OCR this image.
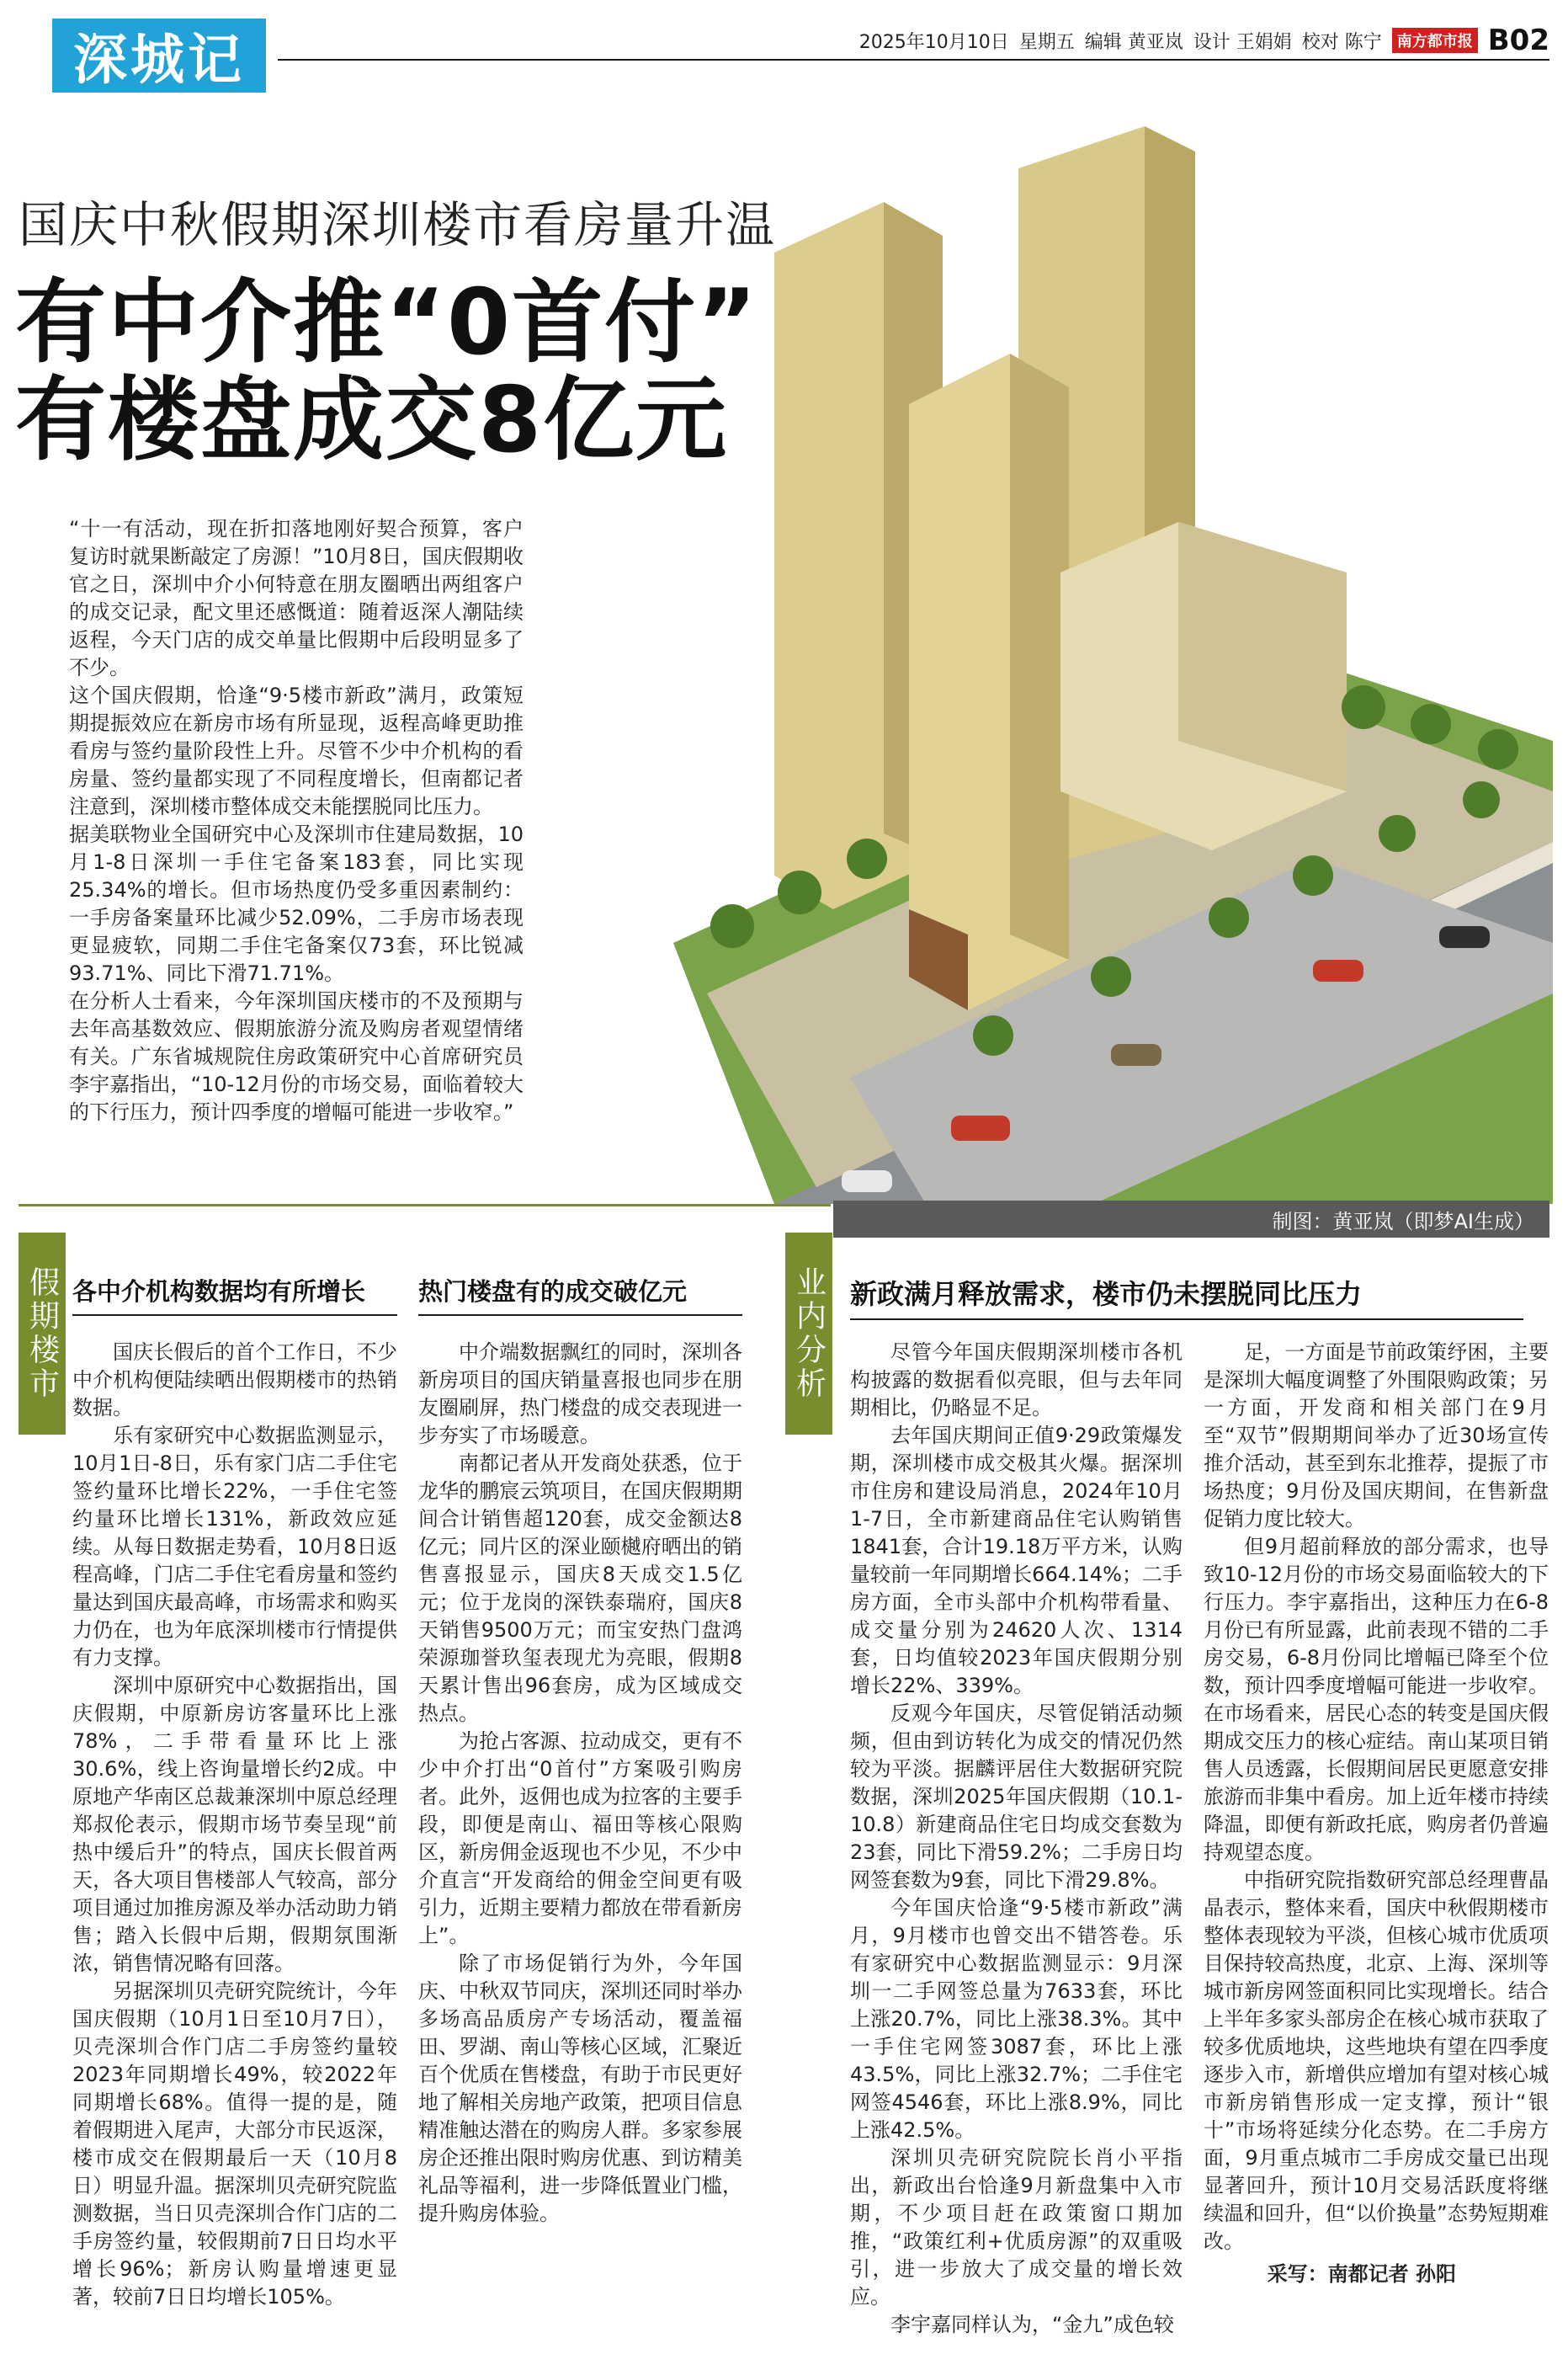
深城记	2025年10月10日 星期五 编辑 黄亚岚 设计 王娟娟 校对 陈宁	南方都市报 B02
国庆中秋假期深圳楼市看房量升温
有中介推“0首付”
有楼盘成交8亿元
制图：黄亚岚（即梦AI生成）

“十一有活动，现在折扣落地刚好契合预算，客户复访时就果断敲定了房源！”10月8日，国庆假期收官之日，深圳中介小何特意在朋友圈晒出两组客户的成交记录，配文里还感慨道：随着返深人潮陆续返程，今天门店的成交单量比假期中后段明显多了不少。

这个国庆假期，恰逢“9·5楼市新政”满月，政策短期提振效应在新房市场有所显现，返程高峰更助推看房与签约量阶段性上升。尽管不少中介机构的看房量、签约量都实现了不同程度增长，但南都记者注意到，深圳楼市整体成交未能摆脱同比压力。

据美联物业全国研究中心及深圳市住建局数据，10月1-8日深圳一手住宅备案183套，同比实现25.34%的增长。但市场热度仍受多重因素制约：一手房备案量环比减少52.09%，二手房市场表现更显疲软，同期二手住宅备案仅73套，环比锐减93.71%、同比下滑71.71%。

在分析人士看来，今年深圳国庆楼市的不及预期与去年高基数效应、假期旅游分流及购房者观望情绪有关。广东省城规院住房政策研究中心首席研究员李宇嘉指出，“10-12月份的市场交易，面临着较大的下行压力，预计四季度的增幅可能进一步收窄。”

假期楼市	业内分析
各中介机构数据均有所增长	热门楼盘有的成交破亿元	新政满月释放需求，楼市仍未摆脱同比压力

国庆长假后的首个工作日，不少中介机构便陆续晒出假期楼市的热销数据。

乐有家研究中心数据监测显示，10月1日-8日，乐有家门店二手住宅签约量环比增长22%，一手住宅签约量环比增长131%，新政效应延续。从每日数据走势看，10月8日返程高峰，门店二手住宅看房量和签约量达到国庆最高峰，市场需求和购买力仍在，也为年底深圳楼市行情提供有力支撑。

深圳中原研究中心数据指出，国庆假期，中原新房访客量环比上涨78%，二手带看量环比上涨30.6%，线上咨询量增长约2成。中原地产华南区总裁兼深圳中原总经理郑叔伦表示，假期市场节奏呈现“前热中缓后升”的特点，国庆长假首两天，各大项目售楼部人气较高，部分项目通过加推房源及举办活动助力销售；踏入长假中后期，假期氛围渐浓，销售情况略有回落。

另据深圳贝壳研究院统计，今年国庆假期（10月1日至10月7日），贝壳深圳合作门店二手房签约量较2023年同期增长49%，较2022年同期增长68%。值得一提的是，随着假期进入尾声，大部分市民返深，楼市成交在假期最后一天（10月8日）明显升温。据深圳贝壳研究院监测数据，当日贝壳深圳合作门店的二手房签约量，较假期前7日日均水平增长96%；新房认购量增速更显著，较前7日日均增长105%。

中介端数据飘红的同时，深圳各新房项目的国庆销量喜报也同步在朋友圈刷屏，热门楼盘的成交表现进一步夯实了市场暖意。

南都记者从开发商处获悉，位于龙华的鹏宸云筑项目，在国庆假期期间合计销售超120套，成交金额达8亿元；同片区的深业颐樾府晒出的销售喜报显示，国庆8天成交1.5亿元；位于龙岗的深铁泰瑞府，国庆8天销售9500万元；而宝安热门盘鸿荣源珈誉玖玺表现尤为亮眼，假期8天累计售出96套房，成为区域成交热点。

为抢占客源、拉动成交，更有不少中介打出“0首付”方案吸引购房者。此外，返佣也成为拉客的主要手段，即便是南山、福田等核心限购区，新房佣金返现也不少见，不少中介直言“开发商给的佣金空间更有吸引力，近期主要精力都放在带看新房上”。

除了市场促销行为外，今年国庆、中秋双节同庆，深圳还同时举办多场高品质房产专场活动，覆盖福田、罗湖、南山等核心区域，汇聚近百个优质在售楼盘，有助于市民更好地了解相关房地产政策，把项目信息精准触达潜在的购房人群。多家参展房企还推出限时购房优惠、到访精美礼品等福利，进一步降低置业门槛，提升购房体验。

尽管今年国庆假期深圳楼市各机构披露的数据看似亮眼，但与去年同期相比，仍略显不足。

去年国庆期间正值9·29政策爆发期，深圳楼市成交极其火爆。据深圳市住房和建设局消息，2024年10月1-7日，全市新建商品住宅认购销售1841套，合计19.18万平方米，认购量较前一年同期增长664.14%；二手房方面，全市头部中介机构带看量、成交量分别为24620人次、1314套，日均值较2023年国庆假期分别增长22%、339%。

反观今年国庆，尽管促销活动频频，但由到访转化为成交的情况仍然较为平淡。据麟评居住大数据研究院数据，深圳2025年国庆假期（10.1-10.8）新建商品住宅日均成交套数为23套，同比下滑59.2%；二手房日均网签套数为9套，同比下滑29.8%。

今年国庆恰逢“9·5楼市新政”满月，9月楼市也曾交出不错答卷。乐有家研究中心数据监测显示：9月深圳一二手网签总量为7633套，环比上涨20.7%，同比上涨38.3%。其中一手住宅网签3087套，环比上涨43.5%，同比上涨32.7%；二手住宅网签4546套，环比上涨8.9%，同比上涨42.5%。

深圳贝壳研究院院长肖小平指出，新政出台恰逢9月新盘集中入市期，不少项目赶在政策窗口期加推，“政策红利+优质房源”的双重吸引，进一步放大了成交量的增长效应。

李宇嘉同样认为，“金九”成色较

足，一方面是节前政策纾困，主要是深圳大幅度调整了外围限购政策；另一方面，开发商和相关部门在9月至“双节”假期期间举办了近30场宣传推介活动，甚至到东北推荐，提振了市场热度；9月份及国庆期间，在售新盘促销力度比较大。

但9月超前释放的部分需求，也导致10-12月份的市场交易面临较大的下行压力。李宇嘉指出，这种压力在6-8月份已有所显露，此前表现不错的二手房交易，6-8月份同比增幅已降至个位数，预计四季度增幅可能进一步收窄。在市场看来，居民心态的转变是国庆假期成交压力的核心症结。南山某项目销售人员透露，长假期间居民更愿意安排旅游而非集中看房。加上近年楼市持续降温，即便有新政托底，购房者仍普遍持观望态度。

中指研究院指数研究部总经理曹晶晶表示，整体来看，国庆中秋假期楼市整体表现较为平淡，但核心城市优质项目保持较高热度，北京、上海、深圳等城市新房网签面积同比实现增长。结合上半年多家头部房企在核心城市获取了较多优质地块，这些地块有望在四季度逐步入市，新增供应增加有望对核心城市新房销售形成一定支撑，预计“银十”市场将延续分化态势。在二手房方面，9月重点城市二手房成交量已出现显著回升，预计10月交易活跃度将继续温和回升，但“以价换量”态势短期难改。

采写：南都记者 孙阳
